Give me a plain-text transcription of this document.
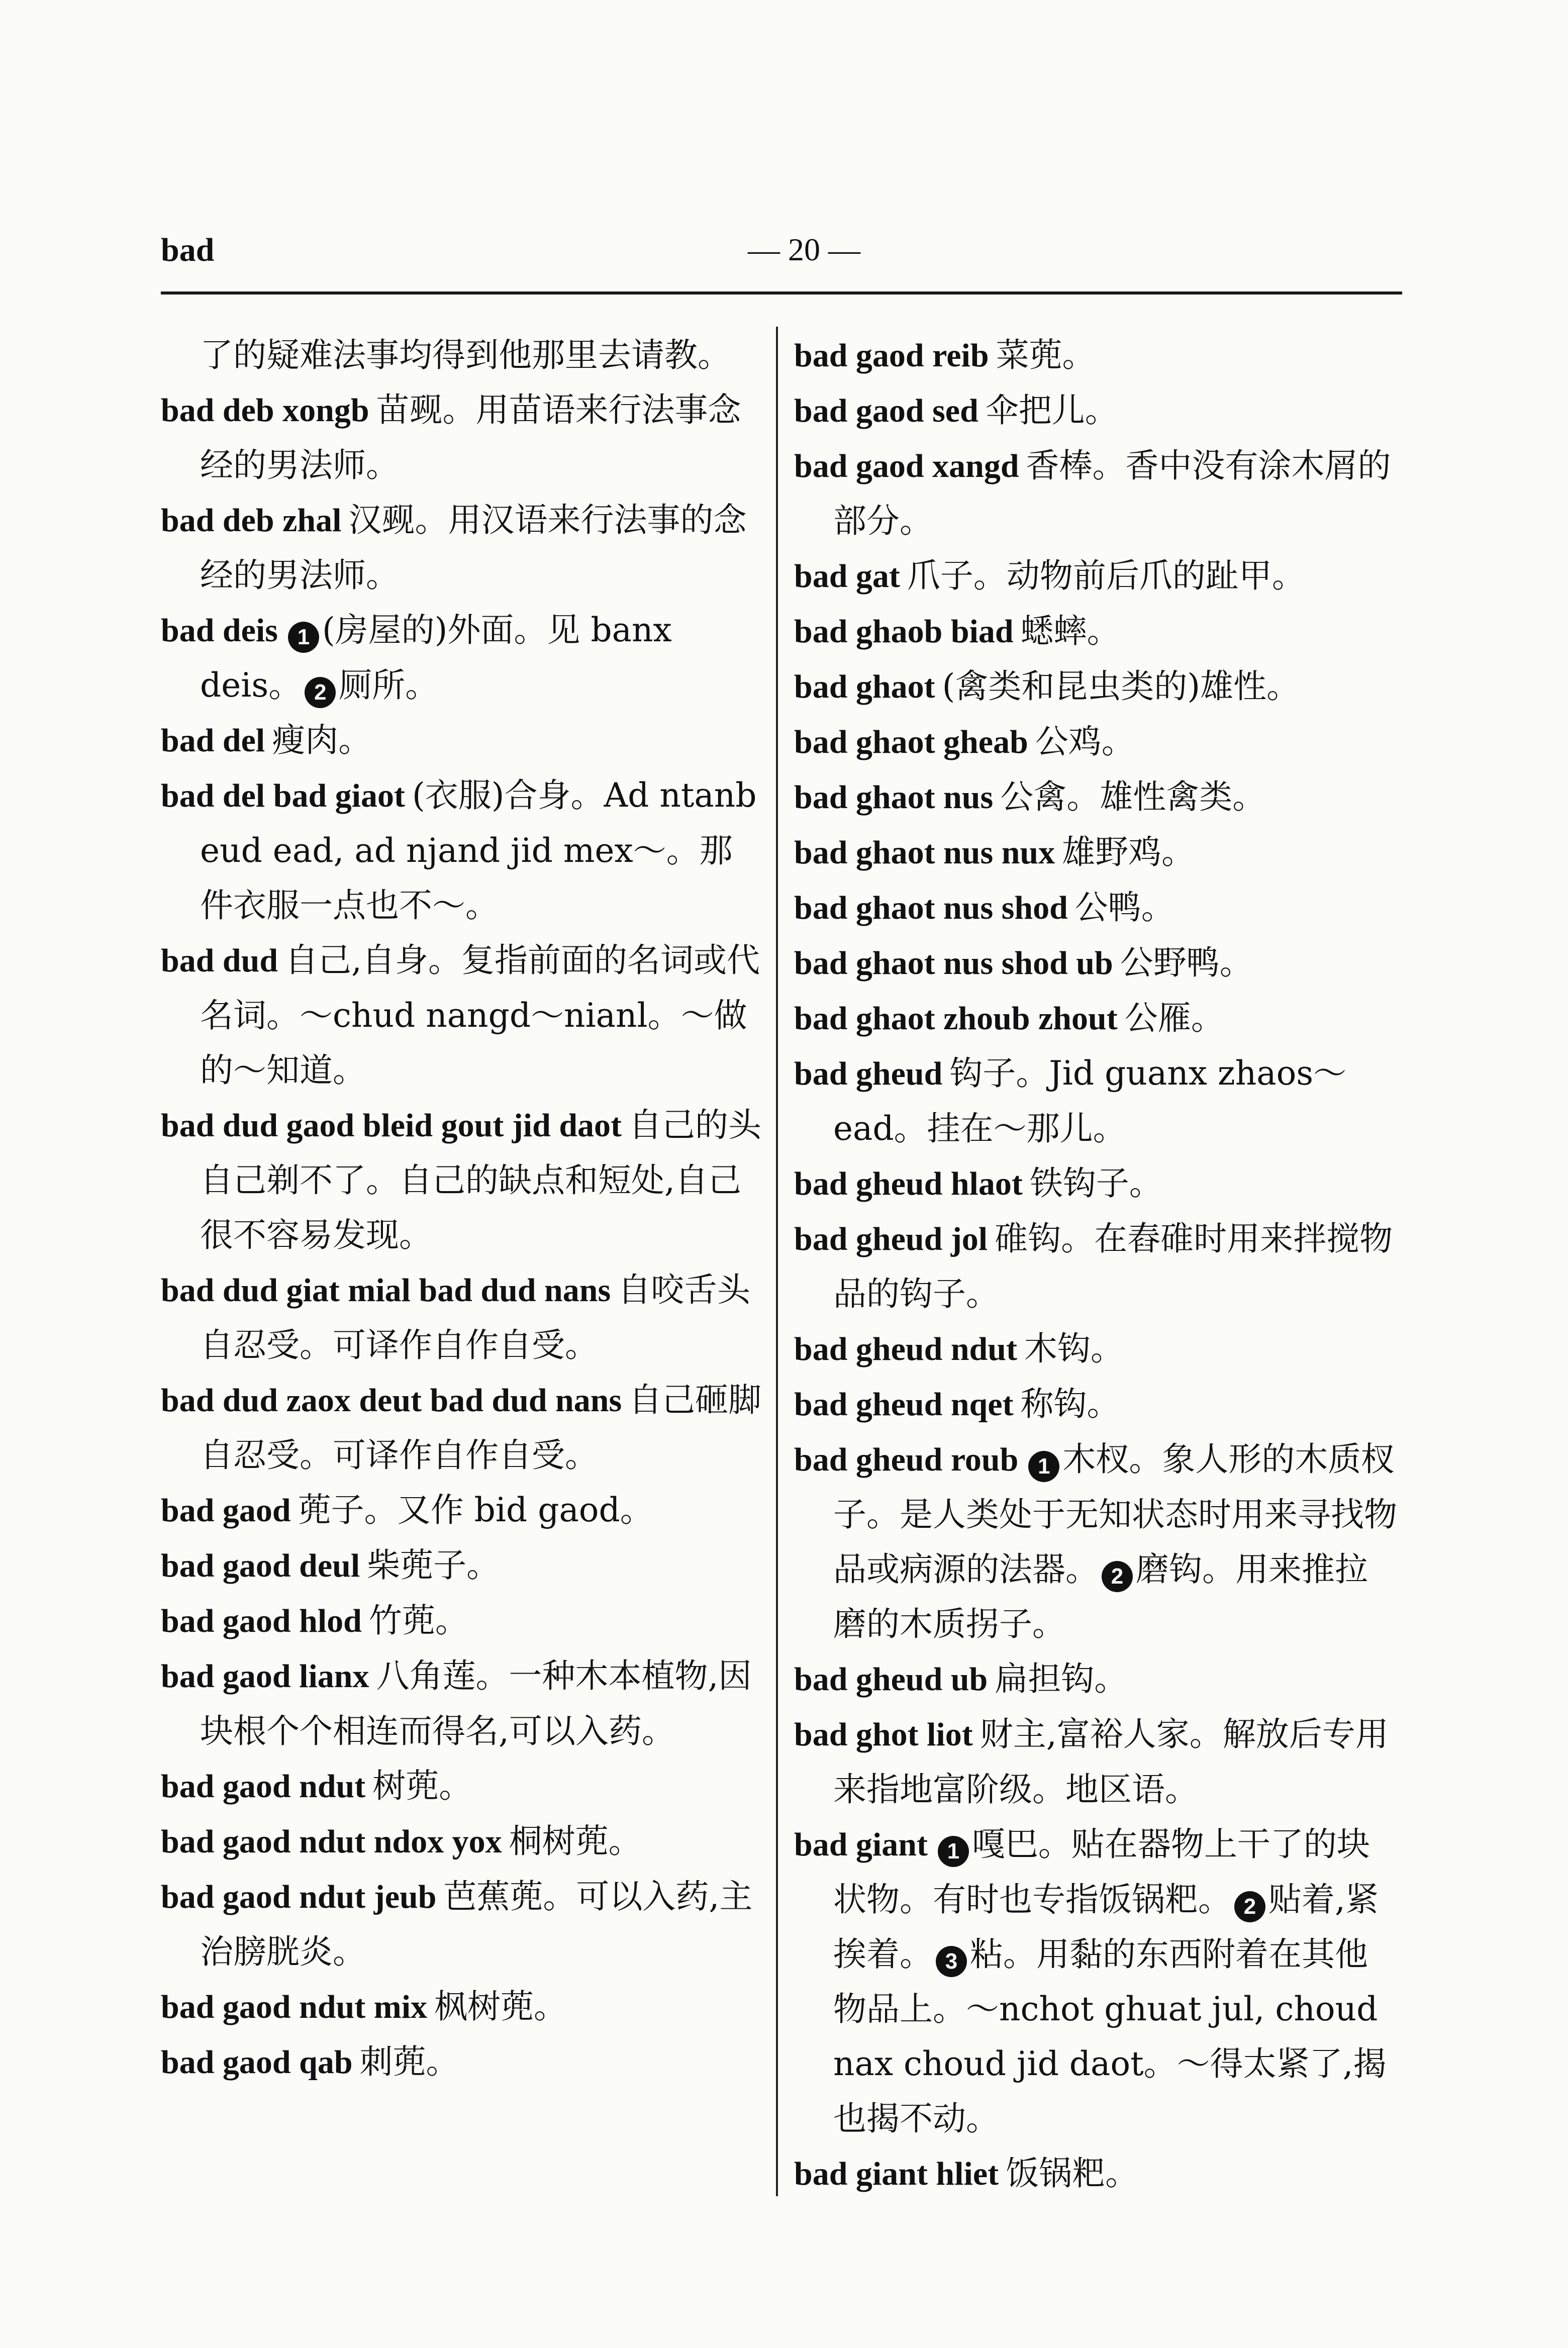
bad	— 20 —

了的疑难法事均得到他那里去请教。

bad deb xongb 苗觋。用苗语来行法事念经的男法师。

bad deb zhal 汉觋。用汉语来行法事的念经的男法师。

bad deis 1 (房屋的)外面。见 banx deis。 2 厕所。

bad del 瘦肉。

bad del bad giaot (衣服)合身。Ad ntanb eud ead, ad njand jid mex～。那件衣服一点也不～。

bad dud 自己,自身。复指前面的名词或代名词。～chud nangd～nianl。～做的～知道。

bad dud gaod bleid gout jid daot 自己的头自己剃不了。自己的缺点和短处,自己很不容易发现。

bad dud giat mial bad dud nans 自咬舌头自忍受。可译作自作自受。

bad dud zaox deut bad dud nans 自己砸脚自忍受。可译作自作自受。

bad gaod 蔸子。又作 bid gaod。

bad gaod deul 柴蔸子。

bad gaod hlod 竹蔸。

bad gaod lianx 八角莲。一种木本植物,因块根个个相连而得名,可以入药。

bad gaod ndut 树蔸。

bad gaod ndut ndox yox 桐树蔸。

bad gaod ndut jeub 芭蕉蔸。可以入药,主治膀胱炎。

bad gaod ndut mix 枫树蔸。

bad gaod qab 刺蔸。

bad gaod reib 菜蔸。

bad gaod sed 伞把儿。

bad gaod xangd 香棒。香中没有涂木屑的部分。

bad gat 爪子。动物前后爪的趾甲。

bad ghaob biad 蟋蟀。

bad ghaot (禽类和昆虫类的)雄性。

bad ghaot gheab 公鸡。

bad ghaot nus 公禽。雄性禽类。

bad ghaot nus nux 雄野鸡。

bad ghaot nus shod 公鸭。

bad ghaot nus shod ub 公野鸭。

bad ghaot zhoub zhout 公雁。

bad gheud 钩子。Jid guanx zhaos～ead。挂在～那儿。

bad gheud hlaot 铁钩子。

bad gheud jol 碓钩。在舂碓时用来拌搅物品的钩子。

bad gheud ndut 木钩。

bad gheud nqet 称钩。

bad gheud roub 1 木杈。象人形的木质杈子。是人类处于无知状态时用来寻找物品或病源的法器。 2 磨钩。用来推拉磨的木质拐子。

bad gheud ub 扁担钩。

bad ghot liot 财主,富裕人家。解放后专用来指地富阶级。地区语。

bad giant 1 嘎巴。贴在器物上干了的块状物。有时也专指饭锅粑。 2 贴着,紧挨着。 3 粘。用黏的东西附着在其他物品上。～nchot ghuat jul, choud nax choud jid daot。～得太紧了,揭也揭不动。

bad giant hliet 饭锅粑。
